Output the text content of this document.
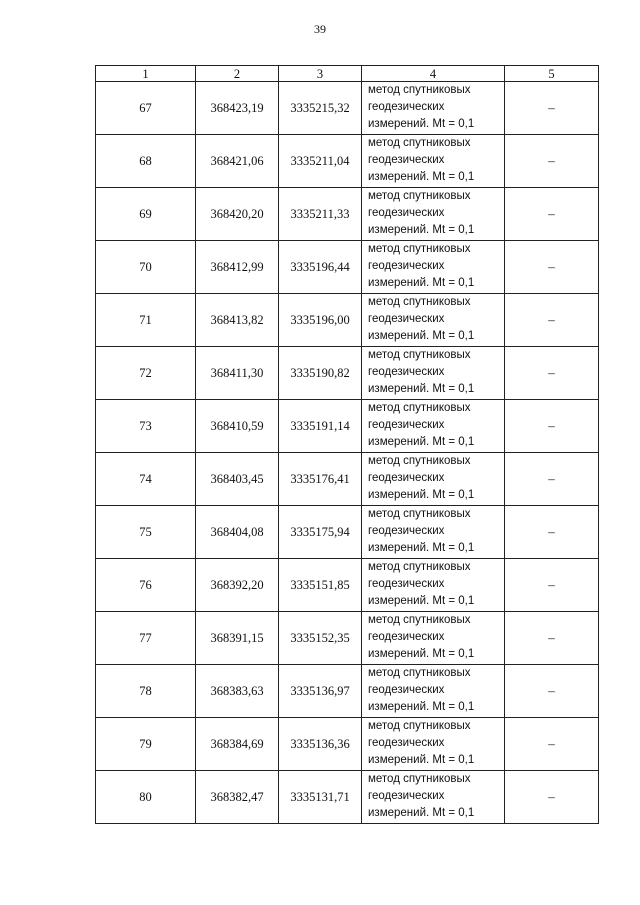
39
1	2	3	4	5
67	368423,19	3335215,32	метод спутниковых
геодезических
измерений. Mt = 0,1	–
68	368421,06	3335211,04	метод спутниковых
геодезических
измерений. Mt = 0,1	–
69	368420,20	3335211,33	метод спутниковых
геодезических
измерений. Mt = 0,1	–
70	368412,99	3335196,44	метод спутниковых
геодезических
измерений. Mt = 0,1	–
71	368413,82	3335196,00	метод спутниковых
геодезических
измерений. Mt = 0,1	–
72	368411,30	3335190,82	метод спутниковых
геодезических
измерений. Mt = 0,1	–
73	368410,59	3335191,14	метод спутниковых
геодезических
измерений. Mt = 0,1	–
74	368403,45	3335176,41	метод спутниковых
геодезических
измерений. Mt = 0,1	–
75	368404,08	3335175,94	метод спутниковых
геодезических
измерений. Mt = 0,1	–
76	368392,20	3335151,85	метод спутниковых
геодезических
измерений. Mt = 0,1	–
77	368391,15	3335152,35	метод спутниковых
геодезических
измерений. Mt = 0,1	–
78	368383,63	3335136,97	метод спутниковых
геодезических
измерений. Mt = 0,1	–
79	368384,69	3335136,36	метод спутниковых
геодезических
измерений. Mt = 0,1	–
80	368382,47	3335131,71	метод спутниковых
геодезических
измерений. Mt = 0,1	–
